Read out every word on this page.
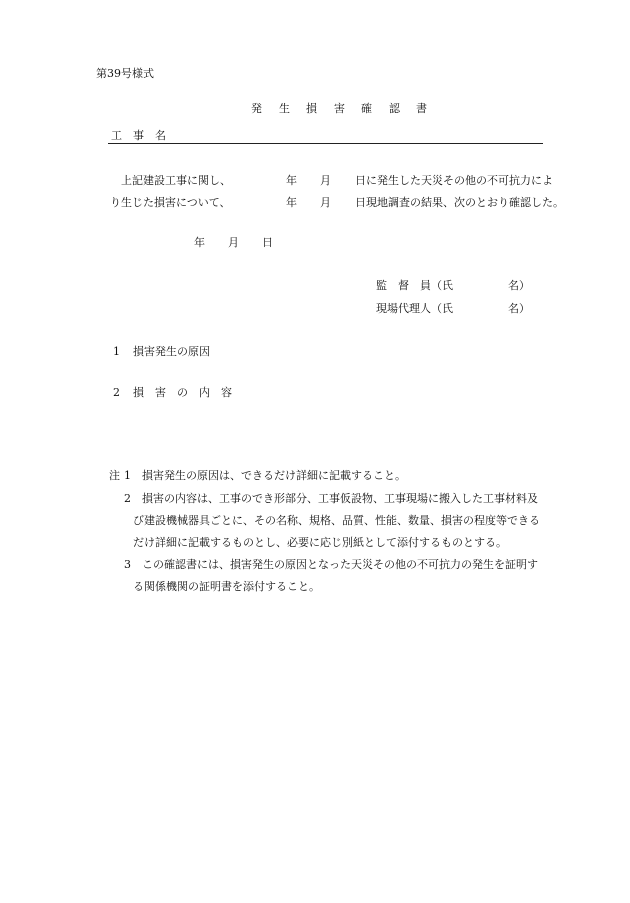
第39号様式

発 生 損 害 確 認 書

工　事　名
上記建設工事に関し、	年 月 日に発生した天災その他の不可抗力によ
り生じた損害について、	年 月 日現地調査の結果、次のとおり確認した。
年 月 日
監　督　員（氏　　　　　名）
現場代理人（氏　　　　　名）
1 損害発生の原因
2 損　害　の　内　容
注 1　損害発生の原因は、できるだけ詳細に記載すること。
2　損害の内容は、工事のでき形部分、工事仮設物、工事現場に搬入した工事材料及
び建設機械器具ごとに、その名称、規格、品質、性能、数量、損害の程度等できる
だけ詳細に記載するものとし、必要に応じ別紙として添付するものとする。
3　この確認書には、損害発生の原因となった天災その他の不可抗力の発生を証明す
る関係機関の証明書を添付すること。
